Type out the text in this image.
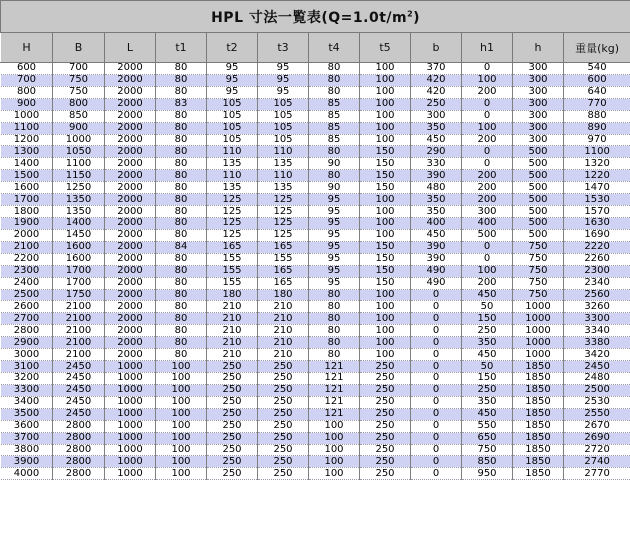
HPL 寸法一覧表$(Q=1.0t/m^2)$											
H	B	L	t1	t2	t3	t4	t5	b	h1	h	重量(kg)
600	700	2000	80	95	95	80	100	370	0	300	540
700	750	2000	80	95	95	80	100	420	100	300	600
800	750	2000	80	95	95	80	100	420	200	300	640
900	800	2000	83	105	105	85	100	250	0	300	770
1000	850	2000	80	105	105	85	100	300	0	300	880
1100	900	2000	80	105	105	85	100	350	100	300	890
1200	1000	2000	80	105	105	85	100	450	200	300	970
1300	1050	2000	80	110	110	80	150	290	0	500	1100
1400	1100	2000	80	135	135	90	150	330	0	500	1320
1500	1150	2000	80	110	110	80	150	390	200	500	1220
1600	1250	2000	80	135	135	90	150	480	200	500	1470
1700	1350	2000	80	125	125	95	100	350	200	500	1530
1800	1350	2000	80	125	125	95	100	350	300	500	1570
1900	1400	2000	80	125	125	95	100	400	400	500	1630
2000	1450	2000	80	125	125	95	100	450	500	500	1690
2100	1600	2000	84	165	165	95	150	390	0	750	2220
2200	1600	2000	80	155	155	95	150	390	0	750	2260
2300	1700	2000	80	155	165	95	150	490	100	750	2300
2400	1700	2000	80	155	165	95	150	490	200	750	2340
2500	1750	2000	80	180	180	80	100	0	450	750	2560
2600	2100	2000	80	210	210	80	100	0	50	1000	3260
2700	2100	2000	80	210	210	80	100	0	150	1000	3300
2800	2100	2000	80	210	210	80	100	0	250	1000	3340
2900	2100	2000	80	210	210	80	100	0	350	1000	3380
3000	2100	2000	80	210	210	80	100	0	450	1000	3420
3100	2450	1000	100	250	250	121	250	0	50	1850	2450
3200	2450	1000	100	250	250	121	250	0	150	1850	2480
3300	2450	1000	100	250	250	121	250	0	250	1850	2500
3400	2450	1000	100	250	250	121	250	0	350	1850	2530
3500	2450	1000	100	250	250	121	250	0	450	1850	2550
3600	2800	1000	100	250	250	100	250	0	550	1850	2670
3700	2800	1000	100	250	250	100	250	0	650	1850	2690
3800	2800	1000	100	250	250	100	250	0	750	1850	2720
3900	2800	1000	100	250	250	100	250	0	850	1850	2740
4000	2800	1000	100	250	250	100	250	0	950	1850	2770
